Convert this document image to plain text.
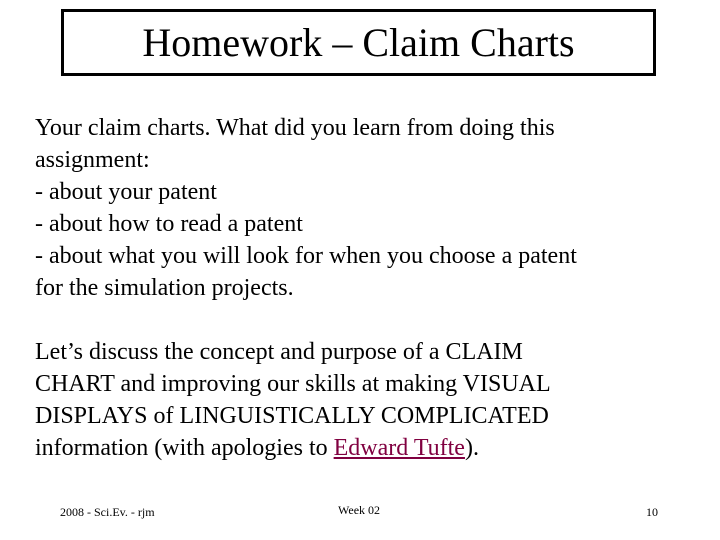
Homework – Claim Charts

Your claim charts. What did you learn from doing this
assignment:
- about your patent
- about how to read a patent
- about what you will look for when you choose a patent
for the simulation projects.

Let’s discuss the concept and purpose of a CLAIM
CHART and improving our skills at making VISUAL
DISPLAYS of LINGUISTICALLY COMPLICATED
information (with apologies to Edward Tufte).

2008 - Sci.Ev. - rjm	Week 02	10
